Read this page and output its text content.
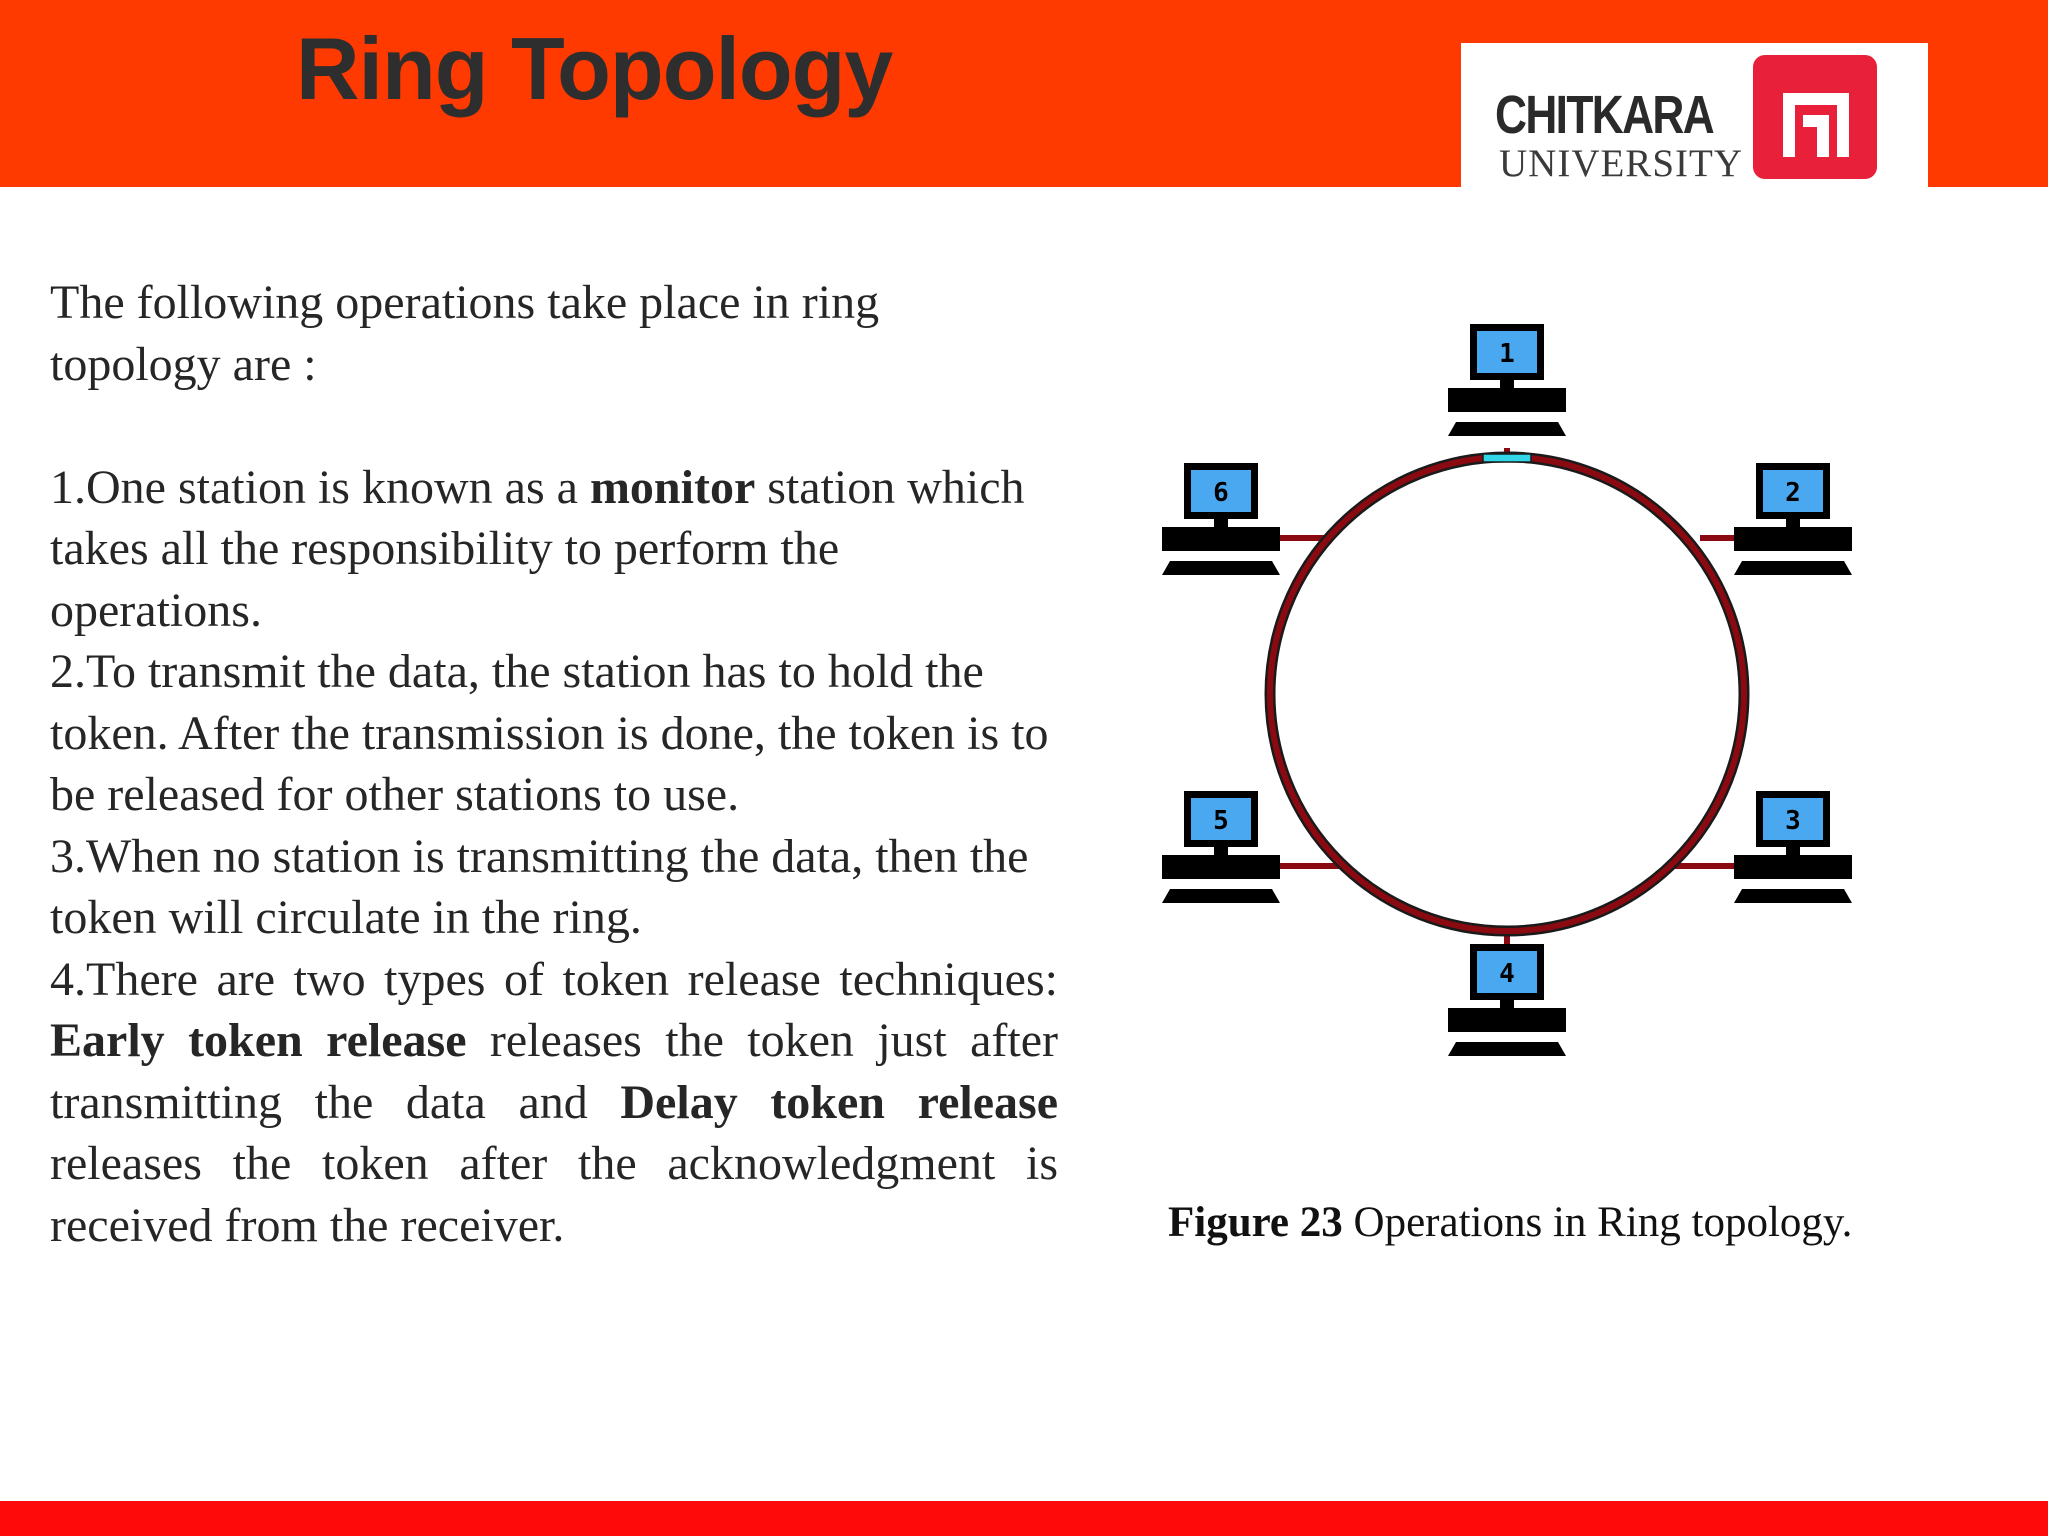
Ring Topology	CHITKARA
UNIVERSITY

The following operations take place in ring topology are :

1.One station is known as a monitor station which takes all the responsibility to perform the operations.

2.To transmit the data, the station has to hold the token. After the transmission is done, the token is to be released for other stations to use.

3.When no station is transmitting the data, then the token will circulate in the ring.

4.There are two types of token release techniques: Early token release releases the token just after transmitting the data and Delay token release releases the token after the acknowledgment is received from the receiver.

1
2
3
4
5
6
Figure 23 Operations in Ring topology.
